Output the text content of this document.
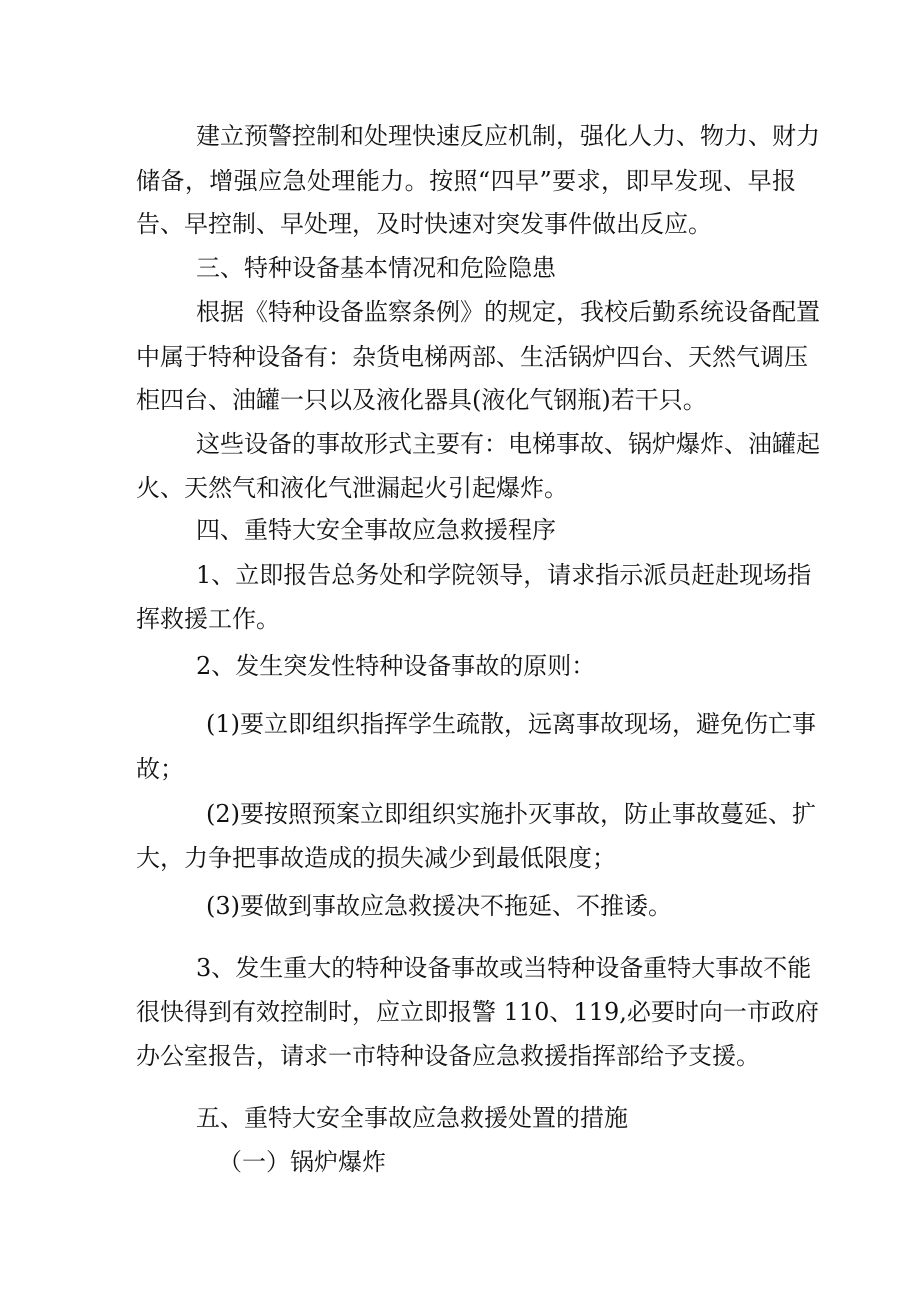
建立预警控制和处理快速反应机制，强化人力、物力、财力
储备，增强应急处理能力。按照“四早”要求，即早发现、早报
告、早控制、早处理，及时快速对突发事件做出反应。
三、特种设备基本情况和危险隐患
根据《特种设备监察条例》的规定，我校后勤系统设备配置
中属于特种设备有：杂货电梯两部、生活锅炉四台、天然气调压
柜四台、油罐一只以及液化器具(液化气钢瓶)若干只。
这些设备的事故形式主要有：电梯事故、锅炉爆炸、油罐起
火、天然气和液化气泄漏起火引起爆炸。
四、重特大安全事故应急救援程序
1、立即报告总务处和学院领导，请求指示派员赶赴现场指
挥救援工作。
2、发生突发性特种设备事故的原则：
(1)要立即组织指挥学生疏散，远离事故现场，避免伤亡事
故；
(2)要按照预案立即组织实施扑灭事故，防止事故蔓延、扩
大，力争把事故造成的损失减少到最低限度；
(3)要做到事故应急救援决不拖延、不推诿。
3、发生重大的特种设备事故或当特种设备重特大事故不能
很快得到有效控制时，应立即报警 110、119,必要时向一市政府
办公室报告，请求一市特种设备应急救援指挥部给予支援。
五、重特大安全事故应急救援处置的措施
（一）锅炉爆炸
